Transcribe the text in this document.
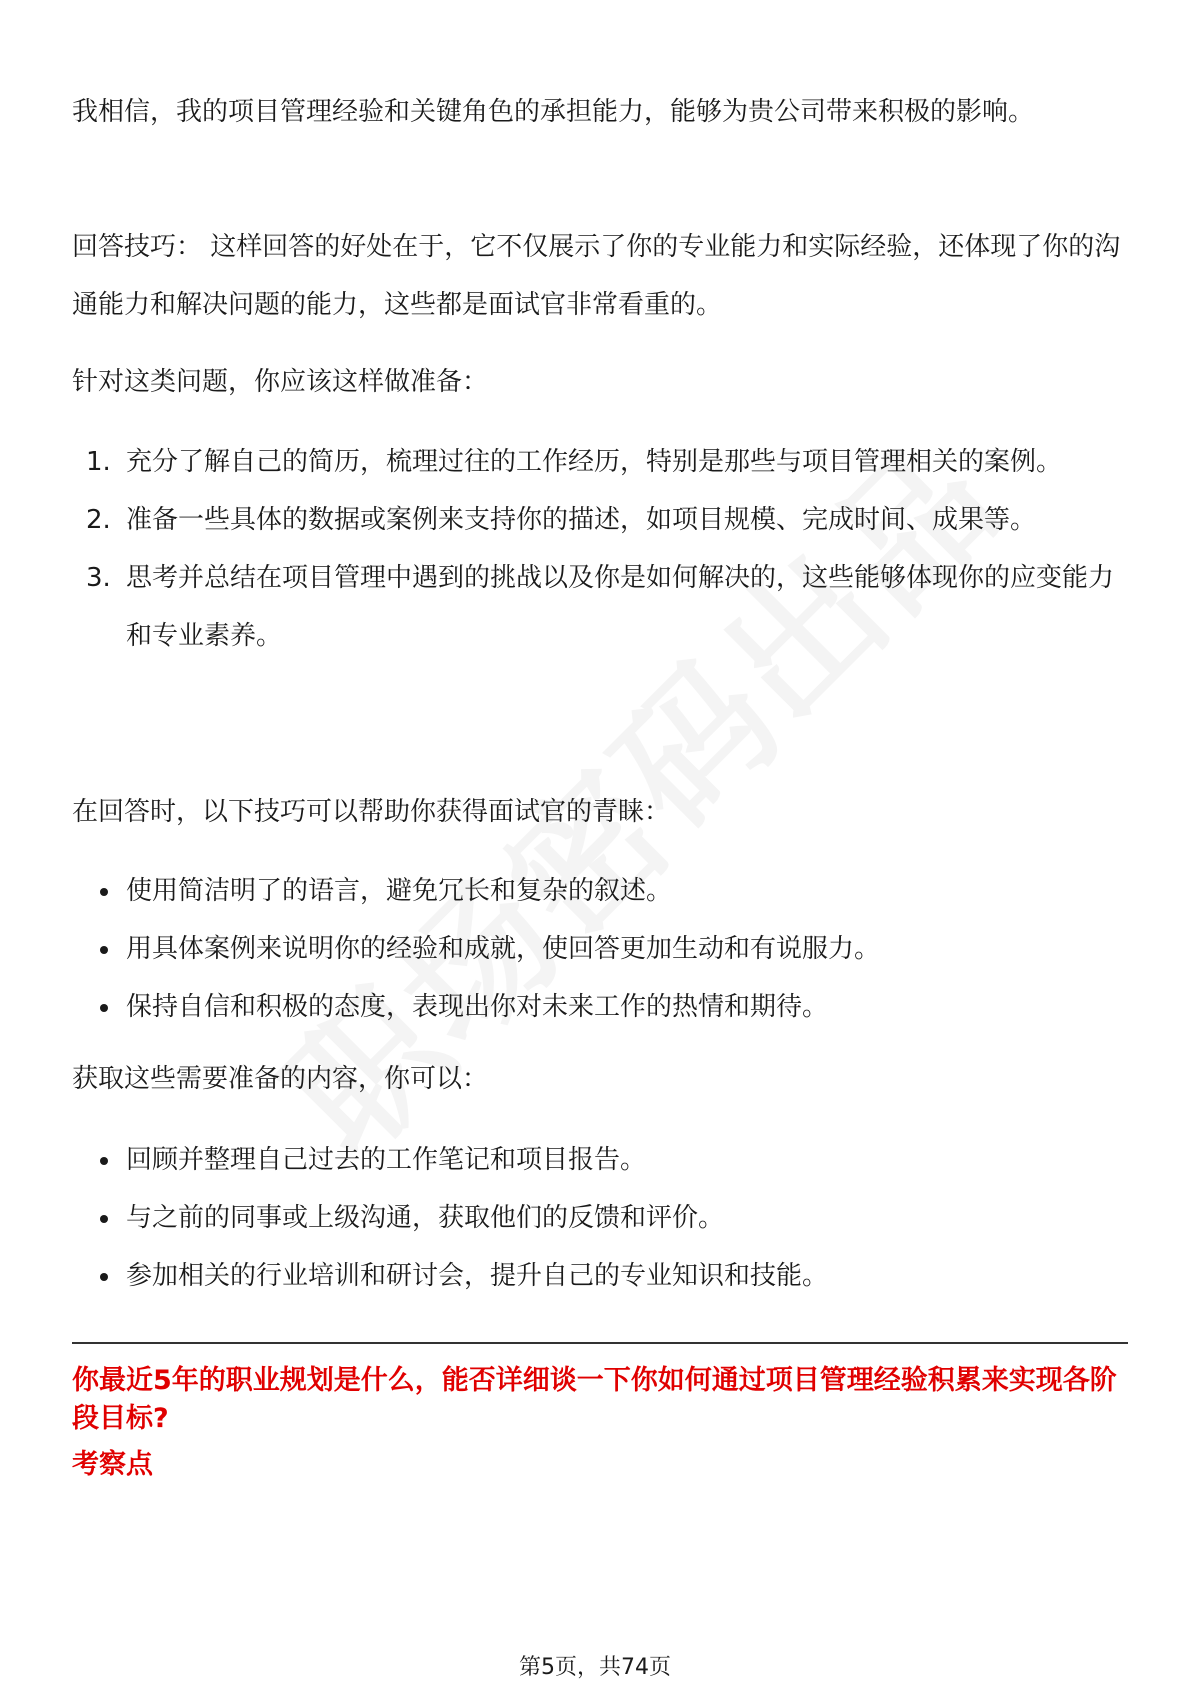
我相信，我的项目管理经验和关键角色的承担能力，能够为贵公司带来积极的影响。

回答技巧： 这样回答的好处在于，它不仅展示了你的专业能力和实际经验，还体现了你的沟通能力和解决问题的能力，这些都是面试官非常看重的。

针对这类问题，你应该这样做准备：

1. 充分了解自己的简历，梳理过往的工作经历，特别是那些与项目管理相关的案例。
2. 准备一些具体的数据或案例来支持你的描述，如项目规模、完成时间、成果等。
3. 思考并总结在项目管理中遇到的挑战以及你是如何解决的，这些能够体现你的应变能力和专业素养。

在回答时，以下技巧可以帮助你获得面试官的青睐：

使用简洁明了的语言，避免冗长和复杂的叙述。
用具体案例来说明你的经验和成就，使回答更加生动和有说服力。
保持自信和积极的态度，表现出你对未来工作的热情和期待。

获取这些需要准备的内容，你可以：

回顾并整理自己过去的工作笔记和项目报告。
与之前的同事或上级沟通，获取他们的反馈和评价。
参加相关的行业培训和研讨会，提升自己的专业知识和技能。

你最近5年的职业规划是什么，能否详细谈一下你如何通过项目管理经验积累来实现各阶段目标?

考察点
第5页，共74页
